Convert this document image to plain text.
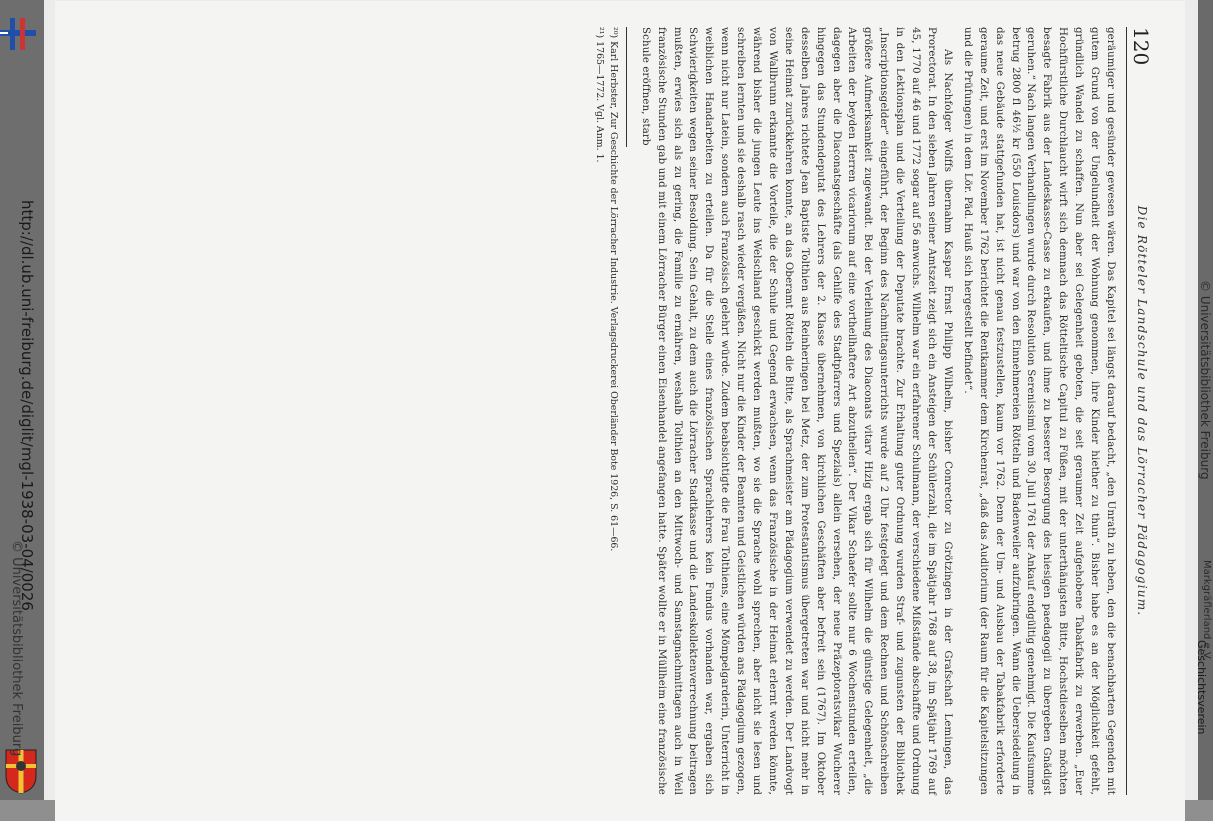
120
Die Rötteler Landschule und das Lörracher Pädagogium.

geräumiger und gesünder gewesen wären. Das Kapitel sei längst darauf bedacht, „den Unrath zu heben, den die benachbarten Gegenden mit gutem Grund von der Ungelundheit der Wohnung genommen, ihre Kinder hiether zu thun“. Bisher habe es an der Möglichkeit gefehlt, gründlich Wandel zu schaffen. Nun aber sei Gelegenheit geboten, die seit geraumer Zeit aufgehobene Tabakfabrik zu erwerben. „Euer Hochfürstliche Durchlaucht wirft sich demnach das Rötteltische Capitul zu Füßen, mit der unterthänigsten Bitte, Hochstdieselben möchten besagte Fabrik aus der Landeskasse-Casse zu erkaufen, und ihme zu besserer Besorgung des hiesigen paedagogii zu übergeben Gnädigst geruhen.“ Nach langen Verhandlungen wurde durch Resolution Serenissimi vom 30. Juli 1761 der Ankauf endgültig genehmigt. Die Kaufsumme betrug 2800 fl 46½ kr (550 Louisdors) und war von den Einnehmereien Rötteln und Badenweiler aufzubringen. Wann die Uebersiedelung in das neue Gebäude stattgefunden hat, ist nicht genau festzustellen, kaum vor 1762. Denn der Um- und Ausbau der Tabakfabrik erforderte geraume Zeit, und erst im November 1762 berichtet die Rentkammer dem Kirchenrat, „daß das Auditorium (der Raum für die Kapitelsitzungen und die Prüfungen) in dem Lör. Päd. Hauß sich hergestellt befindet“.

Als Nachfolger Wolffs übernahm Kaspar Ernst Philipp Wilhelm, bisher Conrector zu Grötzingen in der Grafschaft Lemingen, das Prorectorat. In den sieben Jahren seiner Amtszeit zeigt sich ein Ansteigen der Schülerzahl, die im Spätjahr 1768 auf 38, im Spätjahr 1769 auf 45, 1770 auf 46 und 1772 sogar auf 56 anwuchs. Wilhelm war ein erfahrener Schulmann, der verschiedene Mißstände abschaffte und Ordnung in den Lektionsplan und die Verteilung der Deputate brachte. Zur Erhaltung guter Ordnung wurden Straf- und zugunsten der Bibliothek „Inscriptionsgelder“ eingeführt, der Beginn des Nachmittagsunterrichts wurde auf 2 Uhr festgelegt und dem Rechnen und Schönschreiben größere Aufmerksamkeit zugewandt. Bei der Verleihung des Diaconats vitarv Hizig ergab sich für Wilhelm die günstige Gelegenheit, „die Arbeiten der beyden Herren vicariorum auf eine vortheilhaftere Art abzutheilen“. Der Vikar Schaefer sollte nur 6 Wochenstunden erteilen, dagegen aber die Diaconatsgeschäfte (als Gehilfe des Stadtpfarrers und Spezials) allein versehen, der neue Präzeptoratsvikar Wucherer hingegen das Stundendeputat des Lehrers der 2. Klasse übernehmen, von kirchlichen Geschäften aber befreit sein (1767). Im Oktober desselben Jahres richtete Jean Baptiste Tolthien aus Reinheringen bei Metz, der zum Protestantismus übergetreten war und nicht mehr in seine Heimat zurückkehren konnte, an das Oberamt Rötteln die Bitte, als Sprachmeister am Pädagogium verwendet zu werden. Der Landvogt von Wallbrunn erkannte die Vorteile, die der Schule und Gegend erwachsen, wenn das Französische in der Heimat erlernt werden könnte, während bisher die jungen Leute ins Welschland geschickt werden mußten, wo sie die Sprache wohl sprechen, aber nicht sie lesen und schreiben lernten und sie deshalb rasch wieder vergäßen. Nicht nur die Kinder der Beamten und Geistlichen würden ans Pädagogium gezogen, wenn nicht nur Latein, sondern auch Französisch gelehrt würde. Zudem beabsichtigte die Frau Tolthiens, eine Mömpelgarderin, Unterricht in weiblichen Handarbeiten zu erteilen. Da für die Stelle eines französischen Sprachlehrers kein Fundus vorhanden war, ergaben sich Schwierigkeiten wegen seiner Besoldung. Sein Gehalt, zu dem auch die Lörracher Stadtkasse und die Landeskollektenverrechnung beitragen mußten, erwies sich als zu gering, die Familie zu ernähren, weshalb Tolthien an den Mittwoch- und Samstagnachmittagen auch in Weil französische Stunden gab und mit einem Lörracher Bürger einen Eisenhandel angefangen hatte. Später wollte er in Müllheim eine französische Schule eröffnen, starb

²⁰) Karl Herbster, Zur Geschichte der Lörracher Industrie. Verlagsdruckerei Oberländer Bote 1926, S. 61—66.

²¹) 1765—1772. Vgl. Anm. 1.

http://dl.ub.uni-freiburg.de/diglit/mgl-1938-03-04/0026
© Universitätsbibliothek Freiburg	Geschichtsverein
© Universitätsbibliothek Freiburg
Markgräflerland e.V.
